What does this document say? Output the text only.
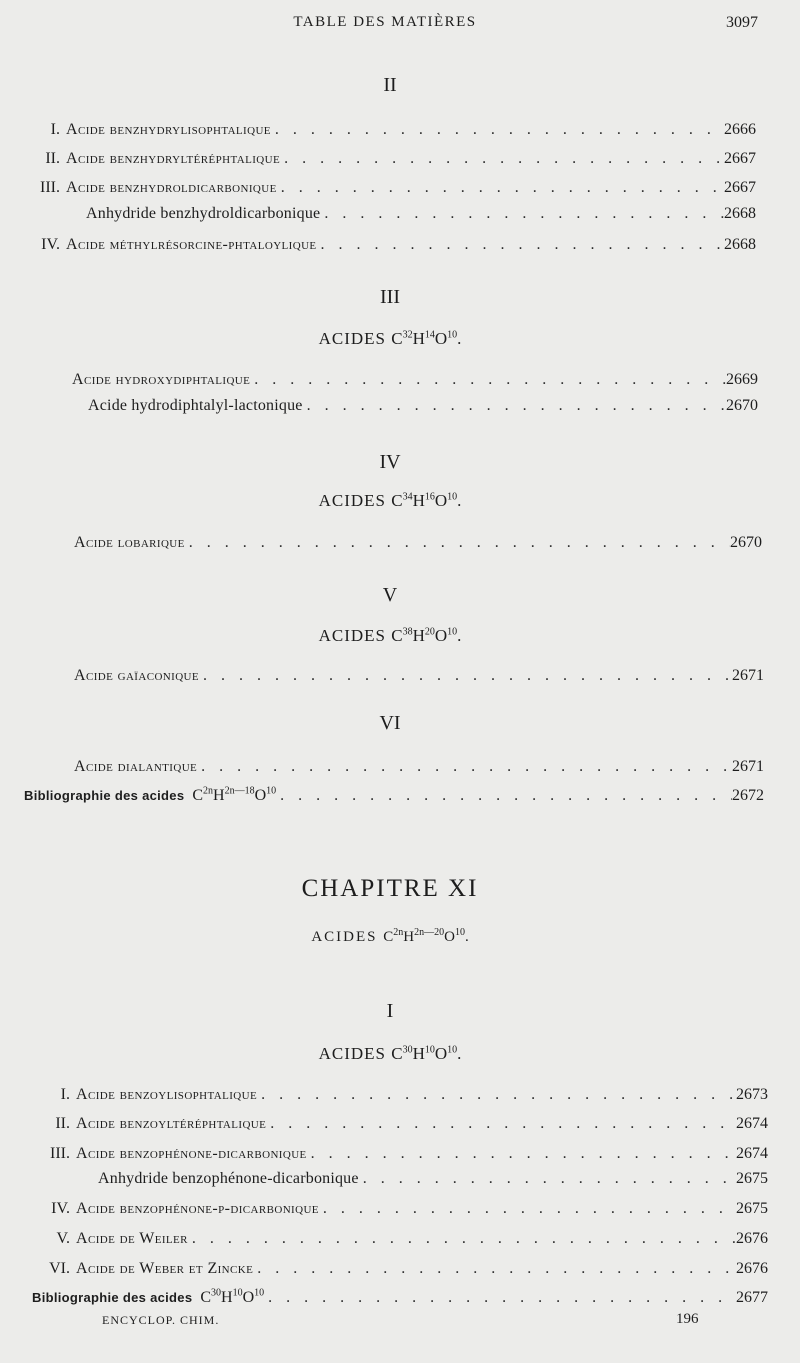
TABLE DES MATIÈRES	3097
II
I. Acide benzhydrylisophtalique . . .	2666
II. Acide benzhydryltéréphtalique . . .	2667
III. Acide benzhydroldicarbonique . . .	2667
Anhydride benzhydroldicarbonique . . .	2668
IV. Acide méthylrésorcine-phtaloylique . . .	2668
III
ACIDES $C^{32}H^{14}O^{10}$.
Acide hydroxydiphtalique . . .	2669
Acide hydrodiphtalyl-lactonique . . .	2670
IV
ACIDES $C^{34}H^{16}O^{10}$.
Acide lobarique . . .	2670
V
ACIDES $C^{38}H^{20}O^{10}$.
Acide gaïaconique . . .	2671
VI
Acide dialantique . . .	2671
Bibliographie des acides $C^{2n}H^{2n—18}O^{10}$ . . .	2672
CHAPITRE XI
ACIDES $C^{2n}H^{2n—20}O^{10}$.
I
ACIDES $C^{30}H^{10}O^{10}$.
I. Acide benzoylisophtalique . . .	2673
II. Acide benzoyltéréphtalique . . .	2674
III. Acide benzophénone-dicarbonique . . .	2674
Anhydride benzophénone-dicarbonique . . .	2675
IV. Acide benzophénone-p-dicarbonique . . .	2675
V. Acide de Weiler . . .	2676
VI. Acide de Weber et Zincke . . .	2676
Bibliographie des acides $C^{30}H^{10}O^{10}$ . . .	2677
ENCYCLOP. CHIM.	196
